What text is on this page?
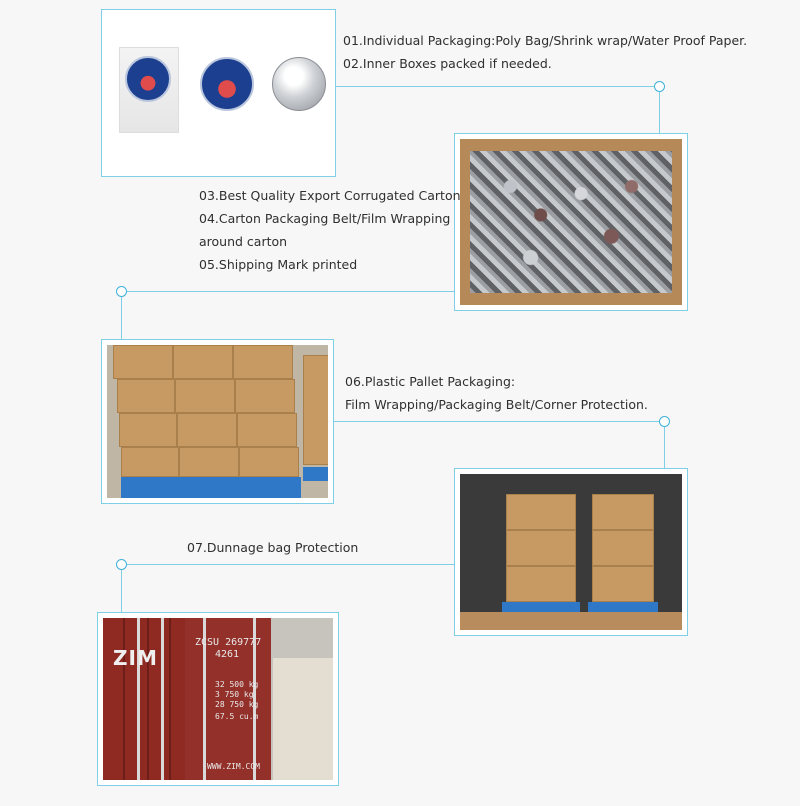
01.Individual Packaging:Poly Bag/Shrink wrap/Water Proof Paper.
02.Inner Boxes packed if needed.
03.Best Quality Export Corrugated Carton
04.Carton Packaging Belt/Film Wrapping
around carton
05.Shipping Mark printed
06.Plastic Pallet Packaging:
Film Wrapping/Packaging Belt/Corner Protection.
07.Dunnage bag Protection
ZIM
ZCSU 269777
4261
32 500 kg
3 750 kg
28 750 kg
67.5 cu.m
WWW.ZIM.COM
